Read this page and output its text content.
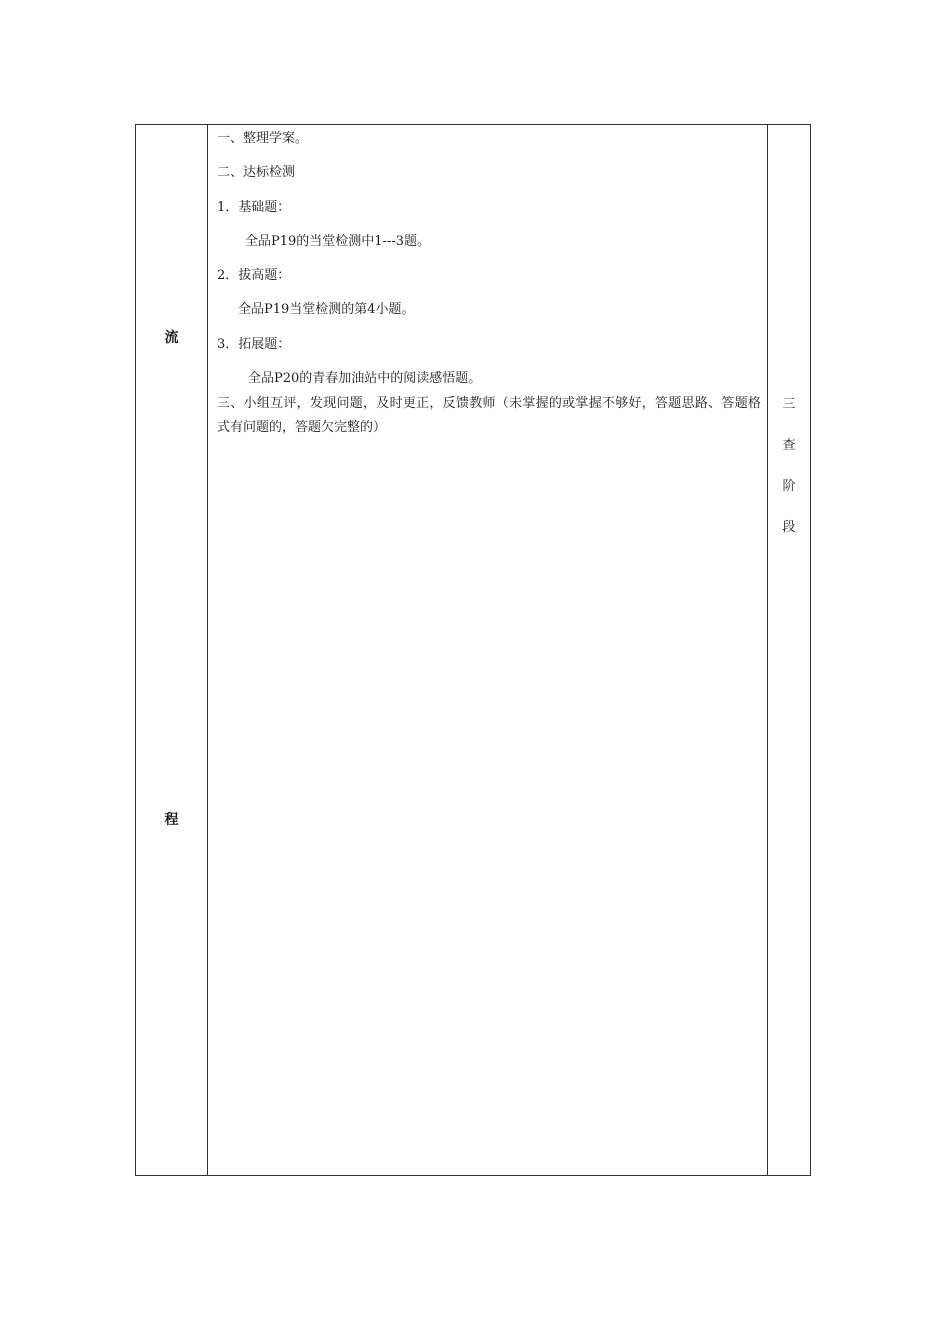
流
程
一、整理学案。
二、达标检测
1．基础题：
全品P19的当堂检测中1---3题。
2．拔高题：
全品P19当堂检测的第4小题。
3．拓展题：
全品P20的青春加油站中的阅读感悟题。
三、小组互评，发现问题，及时更正，反馈教师（未掌握的或掌握不够好，答题思路、答题格式有问题的，答题欠完整的）
三
查
阶
段
